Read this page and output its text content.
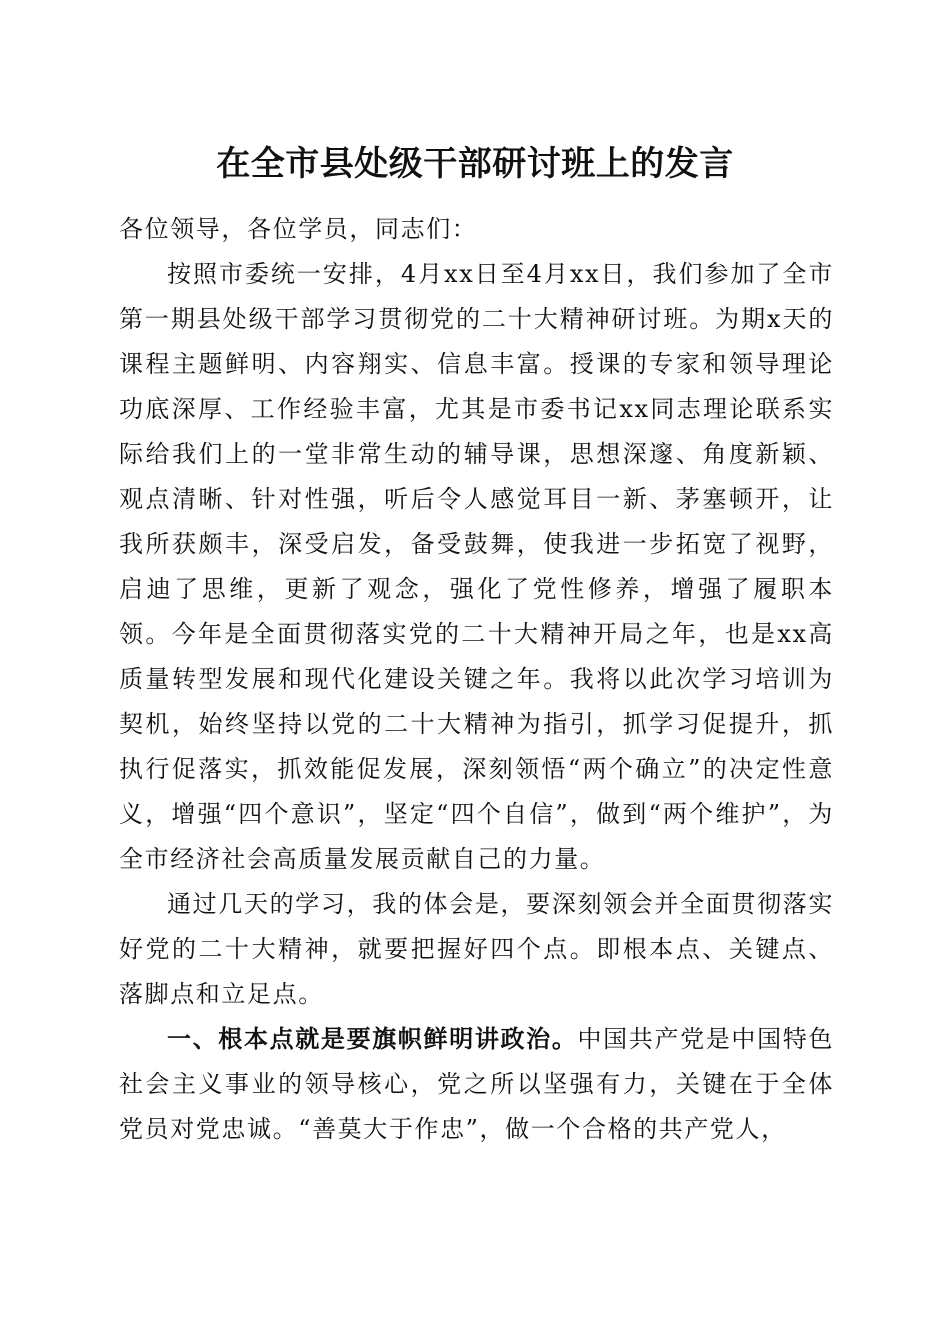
在全市县处级干部研讨班上的发言

各位领导，各位学员，同志们：

按照市委统一安排，4月xx日至4月xx日，我们参加了全市第一期县处级干部学习贯彻党的二十大精神研讨班。为期x天的课程主题鲜明、内容翔实、信息丰富。授课的专家和领导理论功底深厚、工作经验丰富，尤其是市委书记xx同志理论联系实际给我们上的一堂非常生动的辅导课，思想深邃、角度新颖、观点清晰、针对性强，听后令人感觉耳目一新、茅塞顿开，让我所获颇丰，深受启发，备受鼓舞，使我进一步拓宽了视野，启迪了思维，更新了观念，强化了党性修养，增强了履职本领。今年是全面贯彻落实党的二十大精神开局之年，也是xx高质量转型发展和现代化建设关键之年。我将以此次学习培训为契机，始终坚持以党的二十大精神为指引，抓学习促提升，抓执行促落实，抓效能促发展，深刻领悟“两个确立”的决定性意义，增强“四个意识”，坚定“四个自信”，做到“两个维护”，为全市经济社会高质量发展贡献自己的力量。

通过几天的学习，我的体会是，要深刻领会并全面贯彻落实好党的二十大精神，就要把握好四个点。即根本点、关键点、落脚点和立足点。

一、根本点就是要旗帜鲜明讲政治。中国共产党是中国特色社会主义事业的领导核心，党之所以坚强有力，关键在于全体党员对党忠诚。“善莫大于作忠”，做一个合格的共产党人，
